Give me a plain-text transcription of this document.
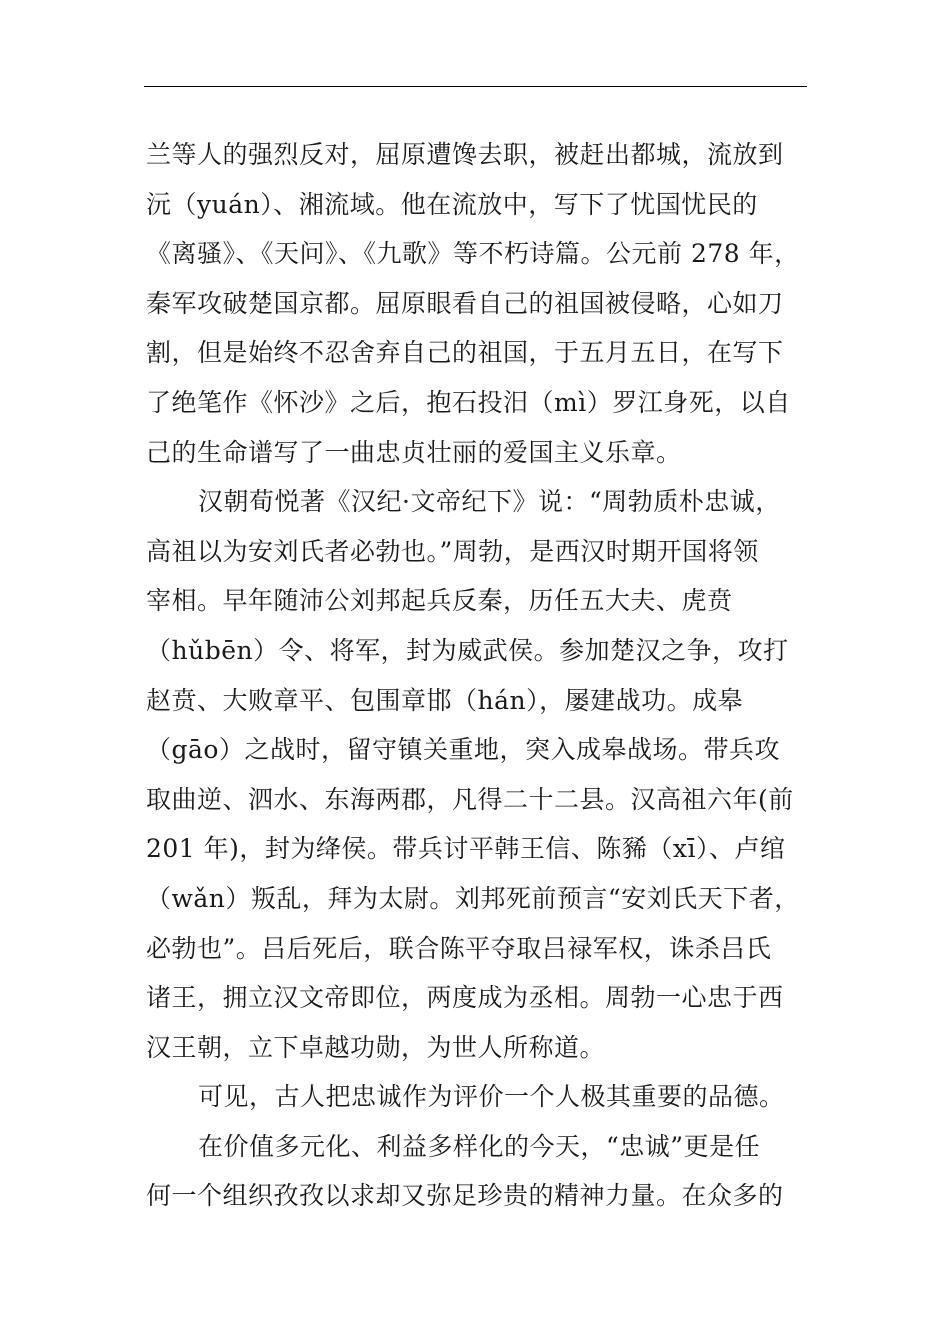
兰等人的强烈反对，屈原遭馋去职，被赶出都城，流放到
沅（yuán）、湘流域。他在流放中，写下了忧国忧民的
《离骚》、《天问》、《九歌》等不朽诗篇。公元前 278 年，
秦军攻破楚国京都。屈原眼看自己的祖国被侵略，心如刀
割，但是始终不忍舍弃自己的祖国，于五月五日，在写下
了绝笔作《怀沙》之后，抱石投汨（mì）罗江身死，以自
己的生命谱写了一曲忠贞壮丽的爱国主义乐章。
汉朝荀悦著《汉纪·文帝纪下》说：“周勃质朴忠诚，
高祖以为安刘氏者必勃也。”周勃，是西汉时期开国将领
宰相。早年随沛公刘邦起兵反秦，历任五大夫、虎贲
（hǔbēn）令、将军，封为威武侯。参加楚汉之争，攻打
赵贲、大败章平、包围章邯（hán），屡建战功。成皋
（gāo）之战时，留守镇关重地，突入成皋战场。带兵攻
取曲逆、泗水、东海两郡，凡得二十二县。汉高祖六年(前
201 年)，封为绛侯。带兵讨平韩王信、陈豨（xī）、卢绾
（wǎn）叛乱，拜为太尉。刘邦死前预言“安刘氏天下者，
必勃也”。吕后死后，联合陈平夺取吕禄军权，诛杀吕氏
诸王，拥立汉文帝即位，两度成为丞相。周勃一心忠于西
汉王朝，立下卓越功勋，为世人所称道。
可见，古人把忠诚作为评价一个人极其重要的品德。
在价值多元化、利益多样化的今天，“忠诚”更是任
何一个组织孜孜以求却又弥足珍贵的精神力量。在众多的
